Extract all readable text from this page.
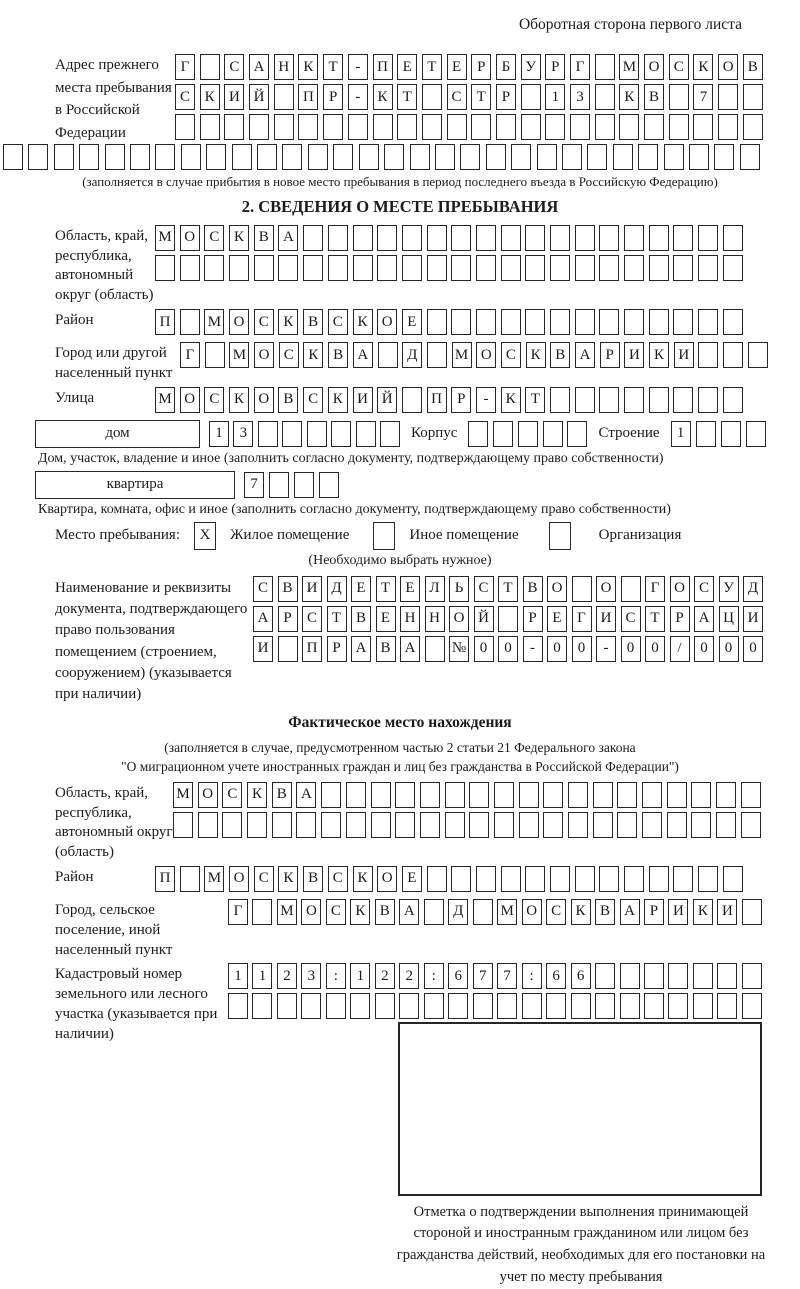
Оборотная сторона первого листа
Адрес прежнего места пребывания в Российской Федерации
Г	С А Н К	Т	-	П Е	Т	Е	Р	Б	У	Р	Г	М О С К О В
С К И Й	П	Р	-	К	Т	С	Т	Р	1	3	К В	7
(заполняется в случае прибытия в новое место пребывания в период последнего въезда в Российскую Федерацию)
2. СВЕДЕНИЯ О МЕСТЕ ПРЕБЫВАНИЯ
Область, край, республика, автономный округ (область)
М О С К В А
Район	П	М О С К В С К О Е
Город или другой населенный пункт
Г	М О С К В А	Д	М О С К В А	Р	И К И
Улица	М О С К О В С К И Й	П	Р	-	К	Т
дом	1	3	Корпус	Строение	1
Дом, участок, владение и иное (заполнить согласно документу, подтверждающему право собственности)
квартира	7
Квартира, комната, офис и иное (заполнить согласно документу, подтверждающему право собственности)
Место пребывания:	X	Жилое помещение	Иное помещение	Организация
(Необходимо выбрать нужное)
Наименование и реквизиты документа, подтверждающего право пользования помещением (строением, сооружением) (указывается при наличии)
С В И Д Е	Т	Е Л	Ь	С Т В О	О	Г О С У Д
А Р	С Т В Е Н Н О Й	Р	Е	Г И С Т	Р А Ц И
И	П Р А В А	№ 0	0	-	0	0	-	0	0	/	0	0	0
Фактическое место нахождения
(заполняется в случае, предусмотренном частью 2 статьи 21 Федерального закона
"О миграционном учете иностранных граждан и лиц без гражданства в Российской Федерации")
Область, край, республика, автономный округ (область)
М О С К В А
Район	П	М О С К В С К О Е
Город, сельское поселение, иной населенный пункт
Г	М О С К В А	Д	М О С К В А Р И К И
Кадастровый номер земельного или лесного участка (указывается при наличии)
1	1	2	3	:	1	2	2	:	6	7	7	:	6	6
Отметка о подтверждении выполнения принимающей стороной и иностранным гражданином или лицом без гражданства действий, необходимых для его постановки на учет по месту пребывания
